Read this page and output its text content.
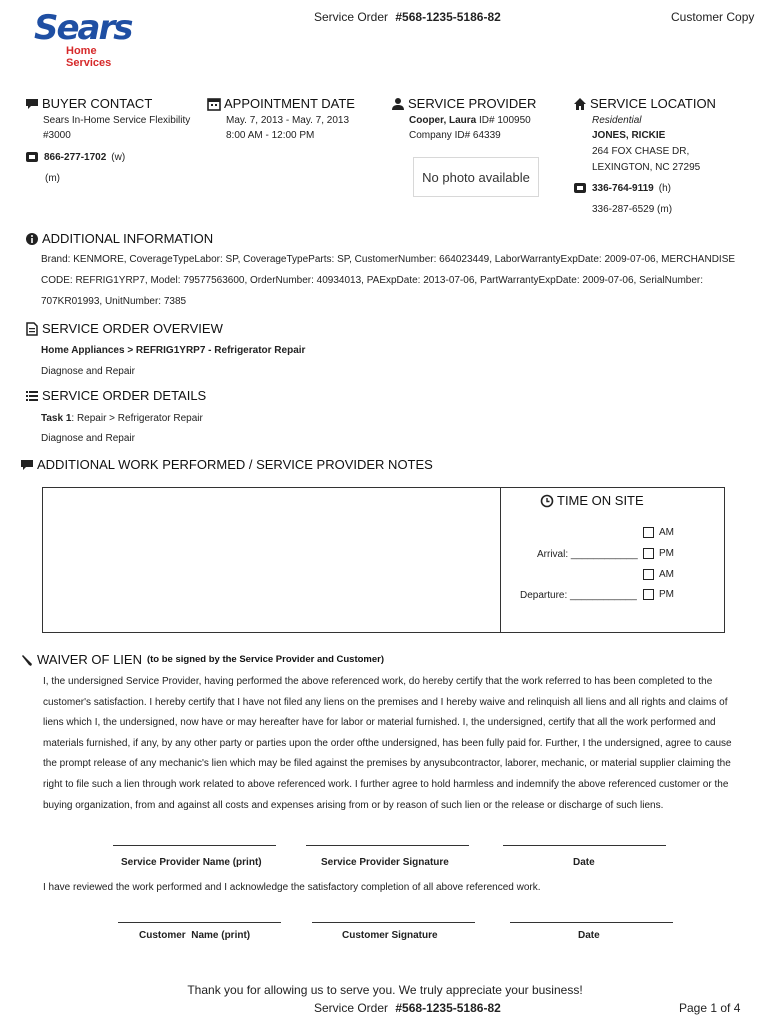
Sears
Home Services
Service Order #568-1235-5186-82	Customer Copy
BUYER CONTACT
Sears In-Home Service Flexibility
#3000
866-277-1702 (w)
(m)
APPOINTMENT DATE
May. 7, 2013 - May. 7, 2013
8:00 AM - 12:00 PM
SERVICE PROVIDER
Cooper, Laura ID# 100950
Company ID# 64339
No photo available
SERVICE LOCATION
Residential
JONES, RICKIE
264 FOX CHASE DR,
LEXINGTON, NC 27295
336-764-9119 (h)
336-287-6529 (m)
ADDITIONAL INFORMATION
Brand: KENMORE, CoverageTypeLabor: SP, CoverageTypeParts: SP, CustomerNumber: 664023449, LaborWarrantyExpDate: 2009-07-06, MERCHANDISE
CODE: REFRIG1YRP7, Model: 79577563600, OrderNumber: 40934013, PAExpDate: 2013-07-06, PartWarrantyExpDate: 2009-07-06, SerialNumber:
707KR01993, UnitNumber: 7385
SERVICE ORDER OVERVIEW
Home Appliances > REFRIG1YRP7 - Refrigerator Repair
Diagnose and Repair
SERVICE ORDER DETAILS
Task 1: Repair > Refrigerator Repair
Diagnose and Repair
ADDITIONAL WORK PERFORMED / SERVICE PROVIDER NOTES
TIME ON SITE
AM
Arrival: ____________ PM
AM
Departure: ____________ PM
WAIVER OF LIEN (to be signed by the Service Provider and Customer)
I, the undersigned Service Provider, having performed the above referenced work, do hereby certify that the work referred to has been completed to the
customer's satisfaction. I hereby certify that I have not filed any liens on the premises and I hereby waive and relinquish all liens and all rights and claims of
liens which I, the undersigned, now have or may hereafter have for labor or material furnished. I, the undersigned, certify that all the work performed and
materials furnished, if any, by any other party or parties upon the order ofthe undersigned, has been fully paid for. Further, I the undersigned, agree to cause
the prompt release of any mechanic's lien which may be filed against the premises by anysubcontractor, laborer, mechanic, or material supplier claiming the
right to file such a lien through work related to above referenced work. I further agree to hold harmless and indemnify the above referenced customer or the
buying organization, from and against all costs and expenses arising from or by reason of such lien or the release or discharge of such liens.
Service Provider Name (print)	Service Provider Signature	Date
I have reviewed the work performed and I acknowledge the satisfactory completion of all above referenced work.
Customer  Name (print)	Customer Signature	Date
Thank you for allowing us to serve you. We truly appreciate your business!
Service Order #568-1235-5186-82	Page 1 of 4
